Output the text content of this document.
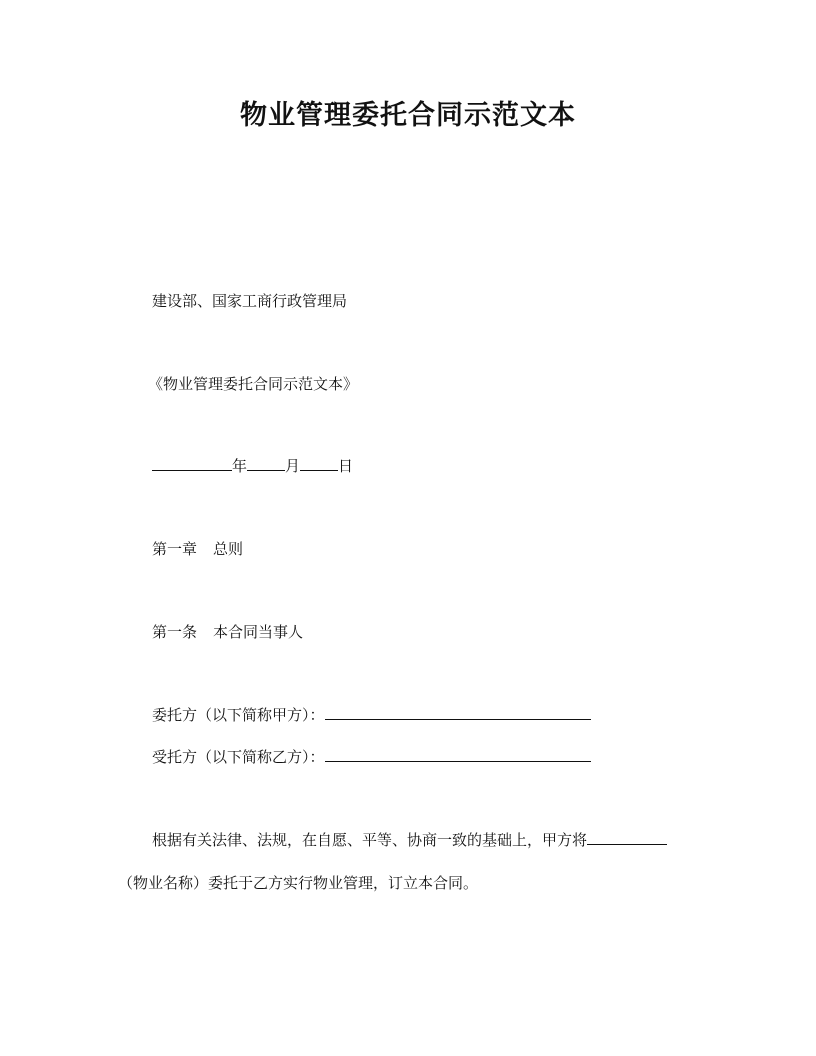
物业管理委托合同示范文本

建设部、国家工商行政管理局

《物业管理委托合同示范文本》

年	月	日

第一章 总则

第一条 本合同当事人

委托方（以下简称甲方）：

受托方（以下简称乙方）：

根据有关法律、法规，在自愿、平等、协商一致的基础上，甲方将

（物业名称）委托于乙方实行物业管理，订立本合同。
